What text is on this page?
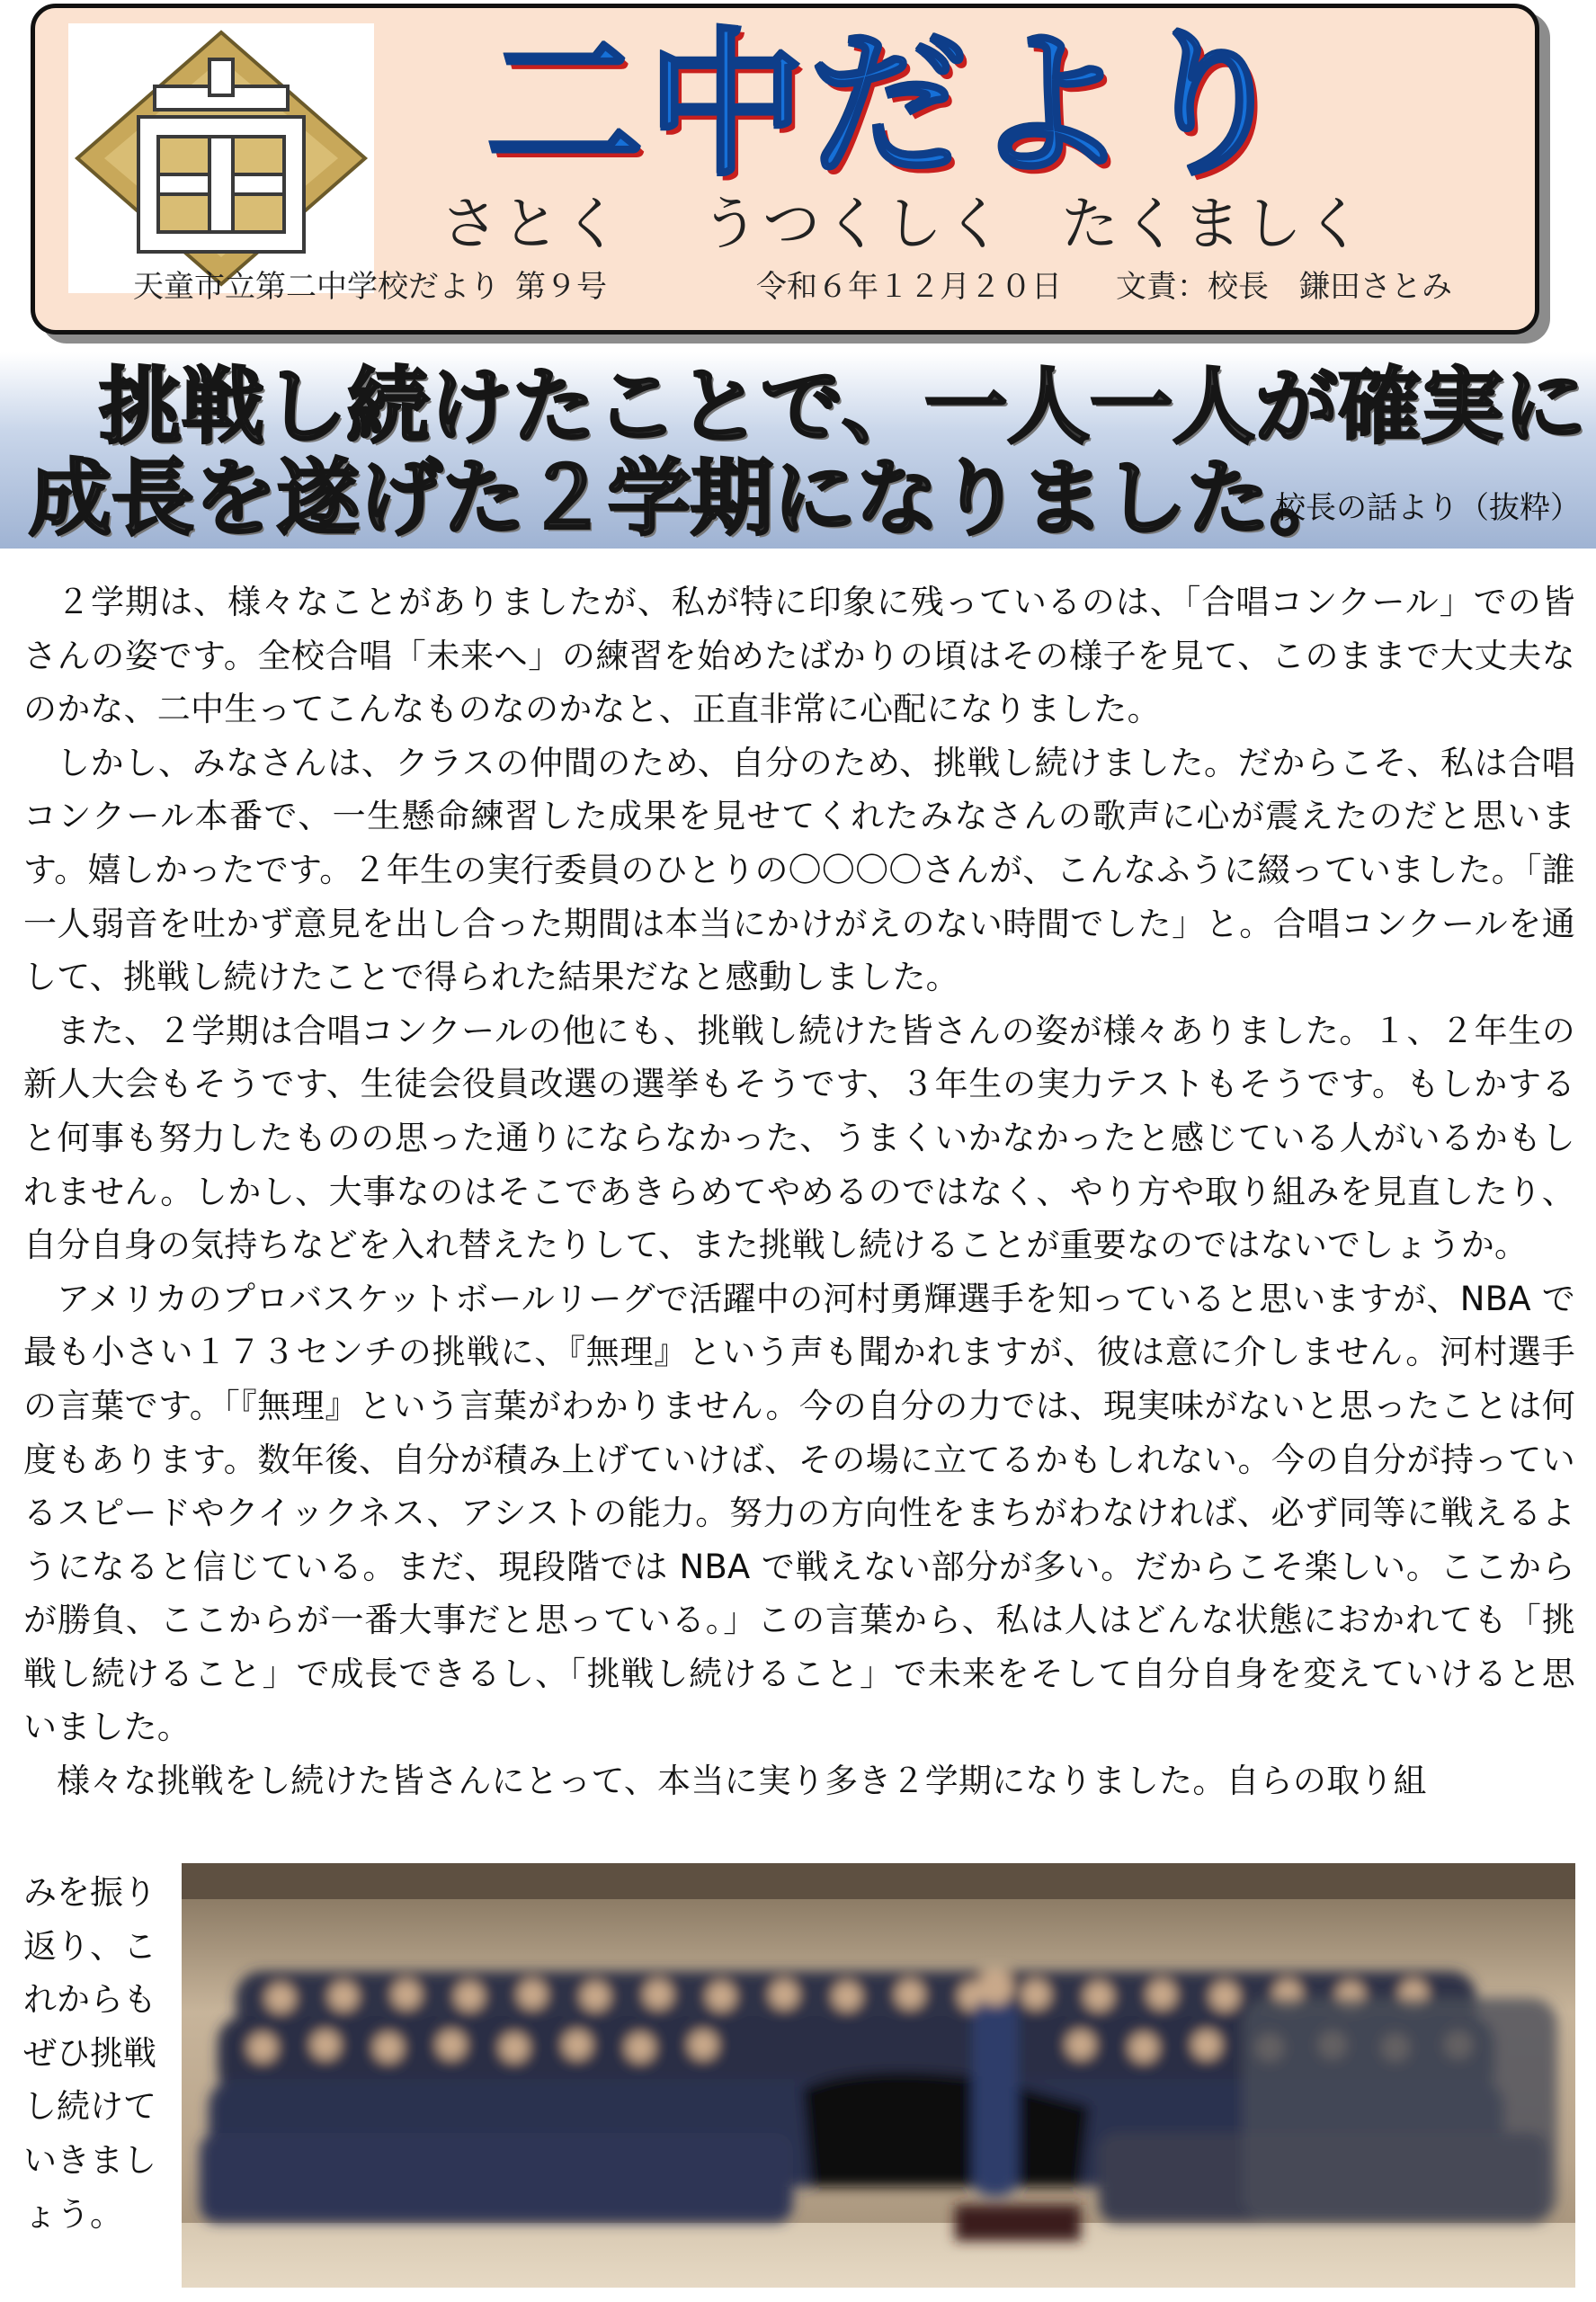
二中だより
さとく うつくしく たくましく
天童市立第二中学校だより 第９号	令和６年１２月２０日 文責：校長　鎌田さとみ
挑戦し続けたことで、一人一人が確実に
成長を遂げた２学期になりました。
校長の話より（抜粋）

２学期は、様々なことがありましたが、私が特に印象に残っているのは、「合唱コンクール」での皆さんの姿です。全校合唱「未来へ」の練習を始めたばかりの頃はその様子を見て、このままで大丈夫なのかな、二中生ってこんなものなのかなと、正直非常に心配になりました。

しかし、みなさんは、クラスの仲間のため、自分のため、挑戦し続けました。だからこそ、私は合唱コンクール本番で、一生懸命練習した成果を見せてくれたみなさんの歌声に心が震えたのだと思います。嬉しかったです。２年生の実行委員のひとりの〇〇〇〇さんが、こんなふうに綴っていました。「誰一人弱音を吐かず意見を出し合った期間は本当にかけがえのない時間でした」と。合唱コンクールを通して、挑戦し続けたことで得られた結果だなと感動しました。

また、２学期は合唱コンクールの他にも、挑戦し続けた皆さんの姿が様々ありました。１、２年生の新人大会もそうです、生徒会役員改選の選挙もそうです、３年生の実力テストもそうです。もしかすると何事も努力したものの思った通りにならなかった、うまくいかなかったと感じている人がいるかもしれません。しかし、大事なのはそこであきらめてやめるのではなく、やり方や取り組みを見直したり、自分自身の気持ちなどを入れ替えたりして、また挑戦し続けることが重要なのではないでしょうか。

アメリカのプロバスケットボールリーグで活躍中の河村勇輝選手を知っていると思いますが、NBA で最も小さい１７３センチの挑戦に、『無理』という声も聞かれますが、彼は意に介しません。河村選手の言葉です。「『無理』という言葉がわかりません。今の自分の力では、現実味がないと思ったことは何度もあります。数年後、自分が積み上げていけば、その場に立てるかもしれない。今の自分が持っているスピードやクイックネス、アシストの能力。努力の方向性をまちがわなければ、必ず同等に戦えるようになると信じている。まだ、現段階では NBA で戦えない部分が多い。だからこそ楽しい。ここからが勝負、ここからが一番大事だと思っている。」この言葉から、私は人はどんな状態におかれても「挑戦し続けること」で成長できるし、「挑戦し続けること」で未来をそして自分自身を変えていけると思いました。

様々な挑戦をし続けた皆さんにとって、本当に実り多き２学期になりました。自らの取り組

みを振り返り、これからもぜひ挑戦し続けていきましょう。
